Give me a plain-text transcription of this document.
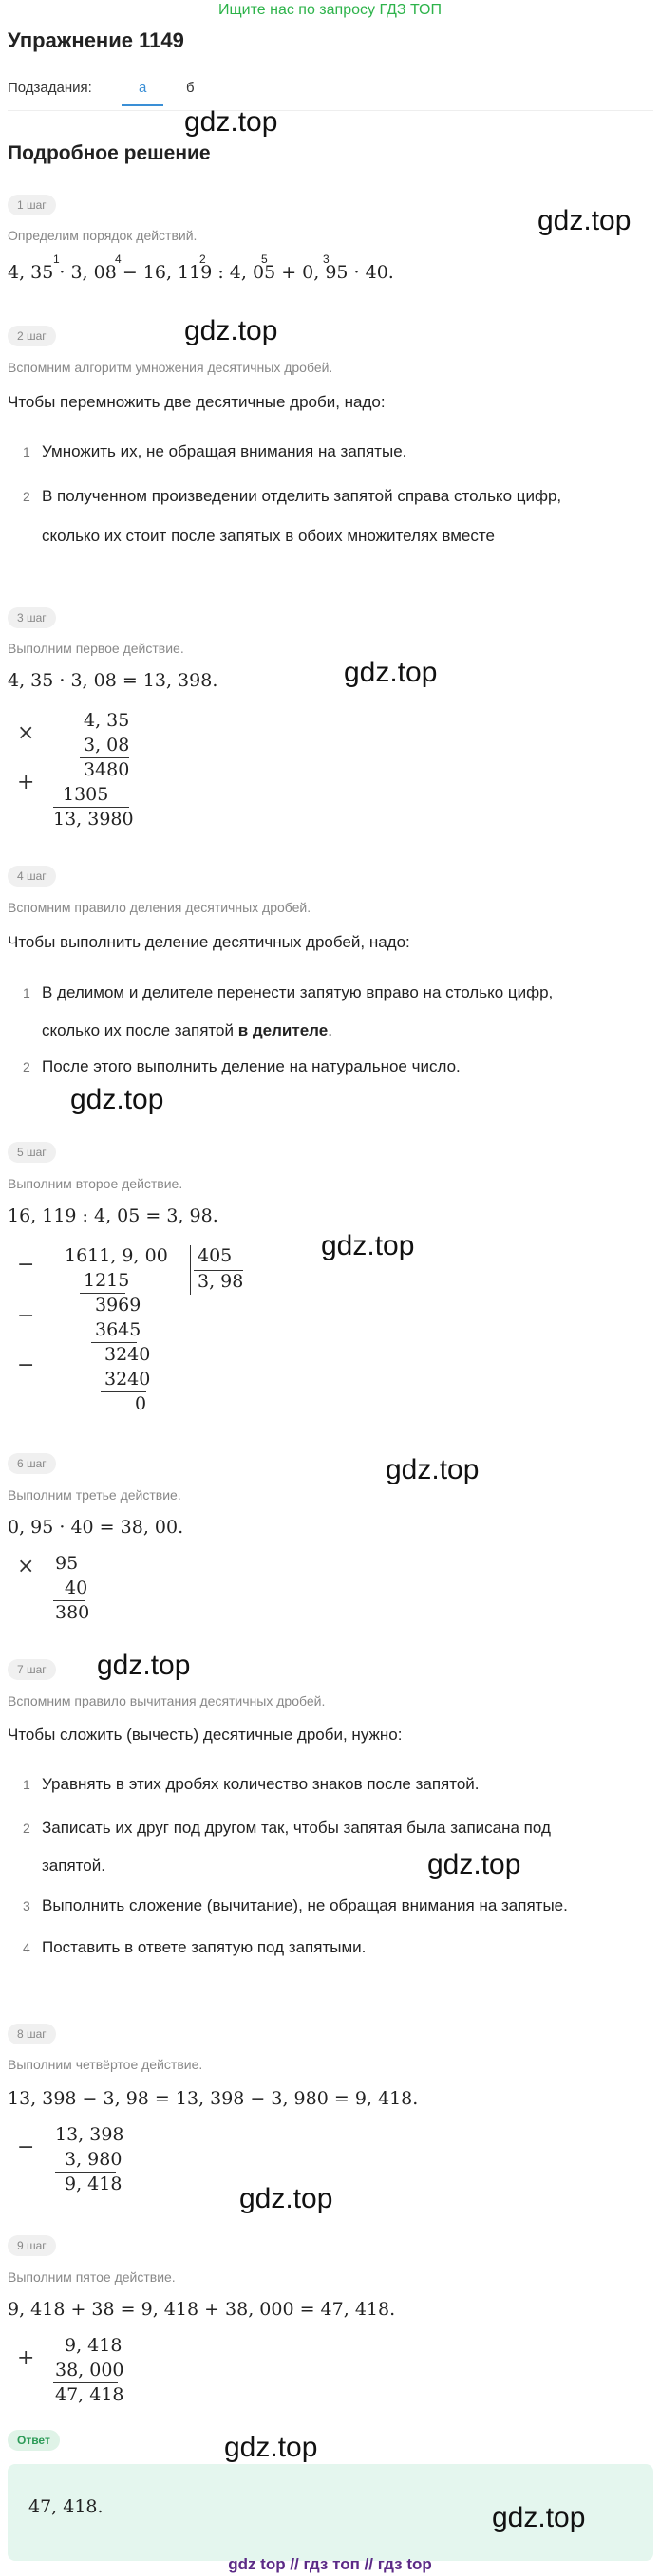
Ищите нас по запросу ГДЗ ТОП
Упражнение 1149
Подзадания:	а	б
Подробное решение
1 шаг
Определим порядок действий.
4, 35 · 3, 08 − 16, 119 : 4, 05 + 0, 95 · 40.
1	4	2	5	3
2 шаг
Вспомним алгоритм умножения десятичных дробей.
Чтобы перемножить две десятичные дроби, надо:
1 Умножить их, не обращая внимания на запятые.
2 В полученном произведении отделить запятой справа столько цифр, сколько их стоит после запятых в обоих множителях вместе
3 шаг
Выполним первое действие.
4, 35 · 3, 08 = 13, 398.
×
+
4, 35
3, 08
3480
1305
13, 3980
4 шаг
Вспомним правило деления десятичных дробей.
Чтобы выполнить деление десятичных дробей, надо:
1 В делимом и делителе перенести запятую вправо на столько цифр, сколько их после запятой в делителе.
2 После этого выполнить деление на натуральное число.
5 шаг
Выполним второе действие.
16, 119 : 4, 05 = 3, 98.
−
−
−
1611, 9, 00 405
3, 98
1215
3969
3645
3240
3240
0
6 шаг
Выполним третье действие.
0, 95 · 40 = 38, 00.
× 95
40
380
7 шаг
Вспомним правило вычитания десятичных дробей.
Чтобы сложить (вычесть) десятичные дроби, нужно:
1 Уравнять в этих дробях количество знаков после запятой.
2 Записать их друг под другом так, чтобы запятая была записана под запятой.
3 Выполнить сложение (вычитание), не обращая внимания на запятые.
4 Поставить в ответе запятую под запятыми.
8 шаг
Выполним четвёртое действие.
13, 398 − 3, 98 = 13, 398 − 3, 980 = 9, 418.
−
13, 398
3, 980
9, 418
9 шаг
Выполним пятое действие.
9, 418 + 38 = 9, 418 + 38, 000 = 47, 418.
+
9, 418
38, 000
47, 418
Ответ
47, 418.
gdz.top
gdz.top
gdz.top
gdz.top
gdz.top
gdz.top
gdz.top
gdz.top
gdz.top
gdz.top
gdz.top
gdz.top
gdz top // гдз топ // гдз top
